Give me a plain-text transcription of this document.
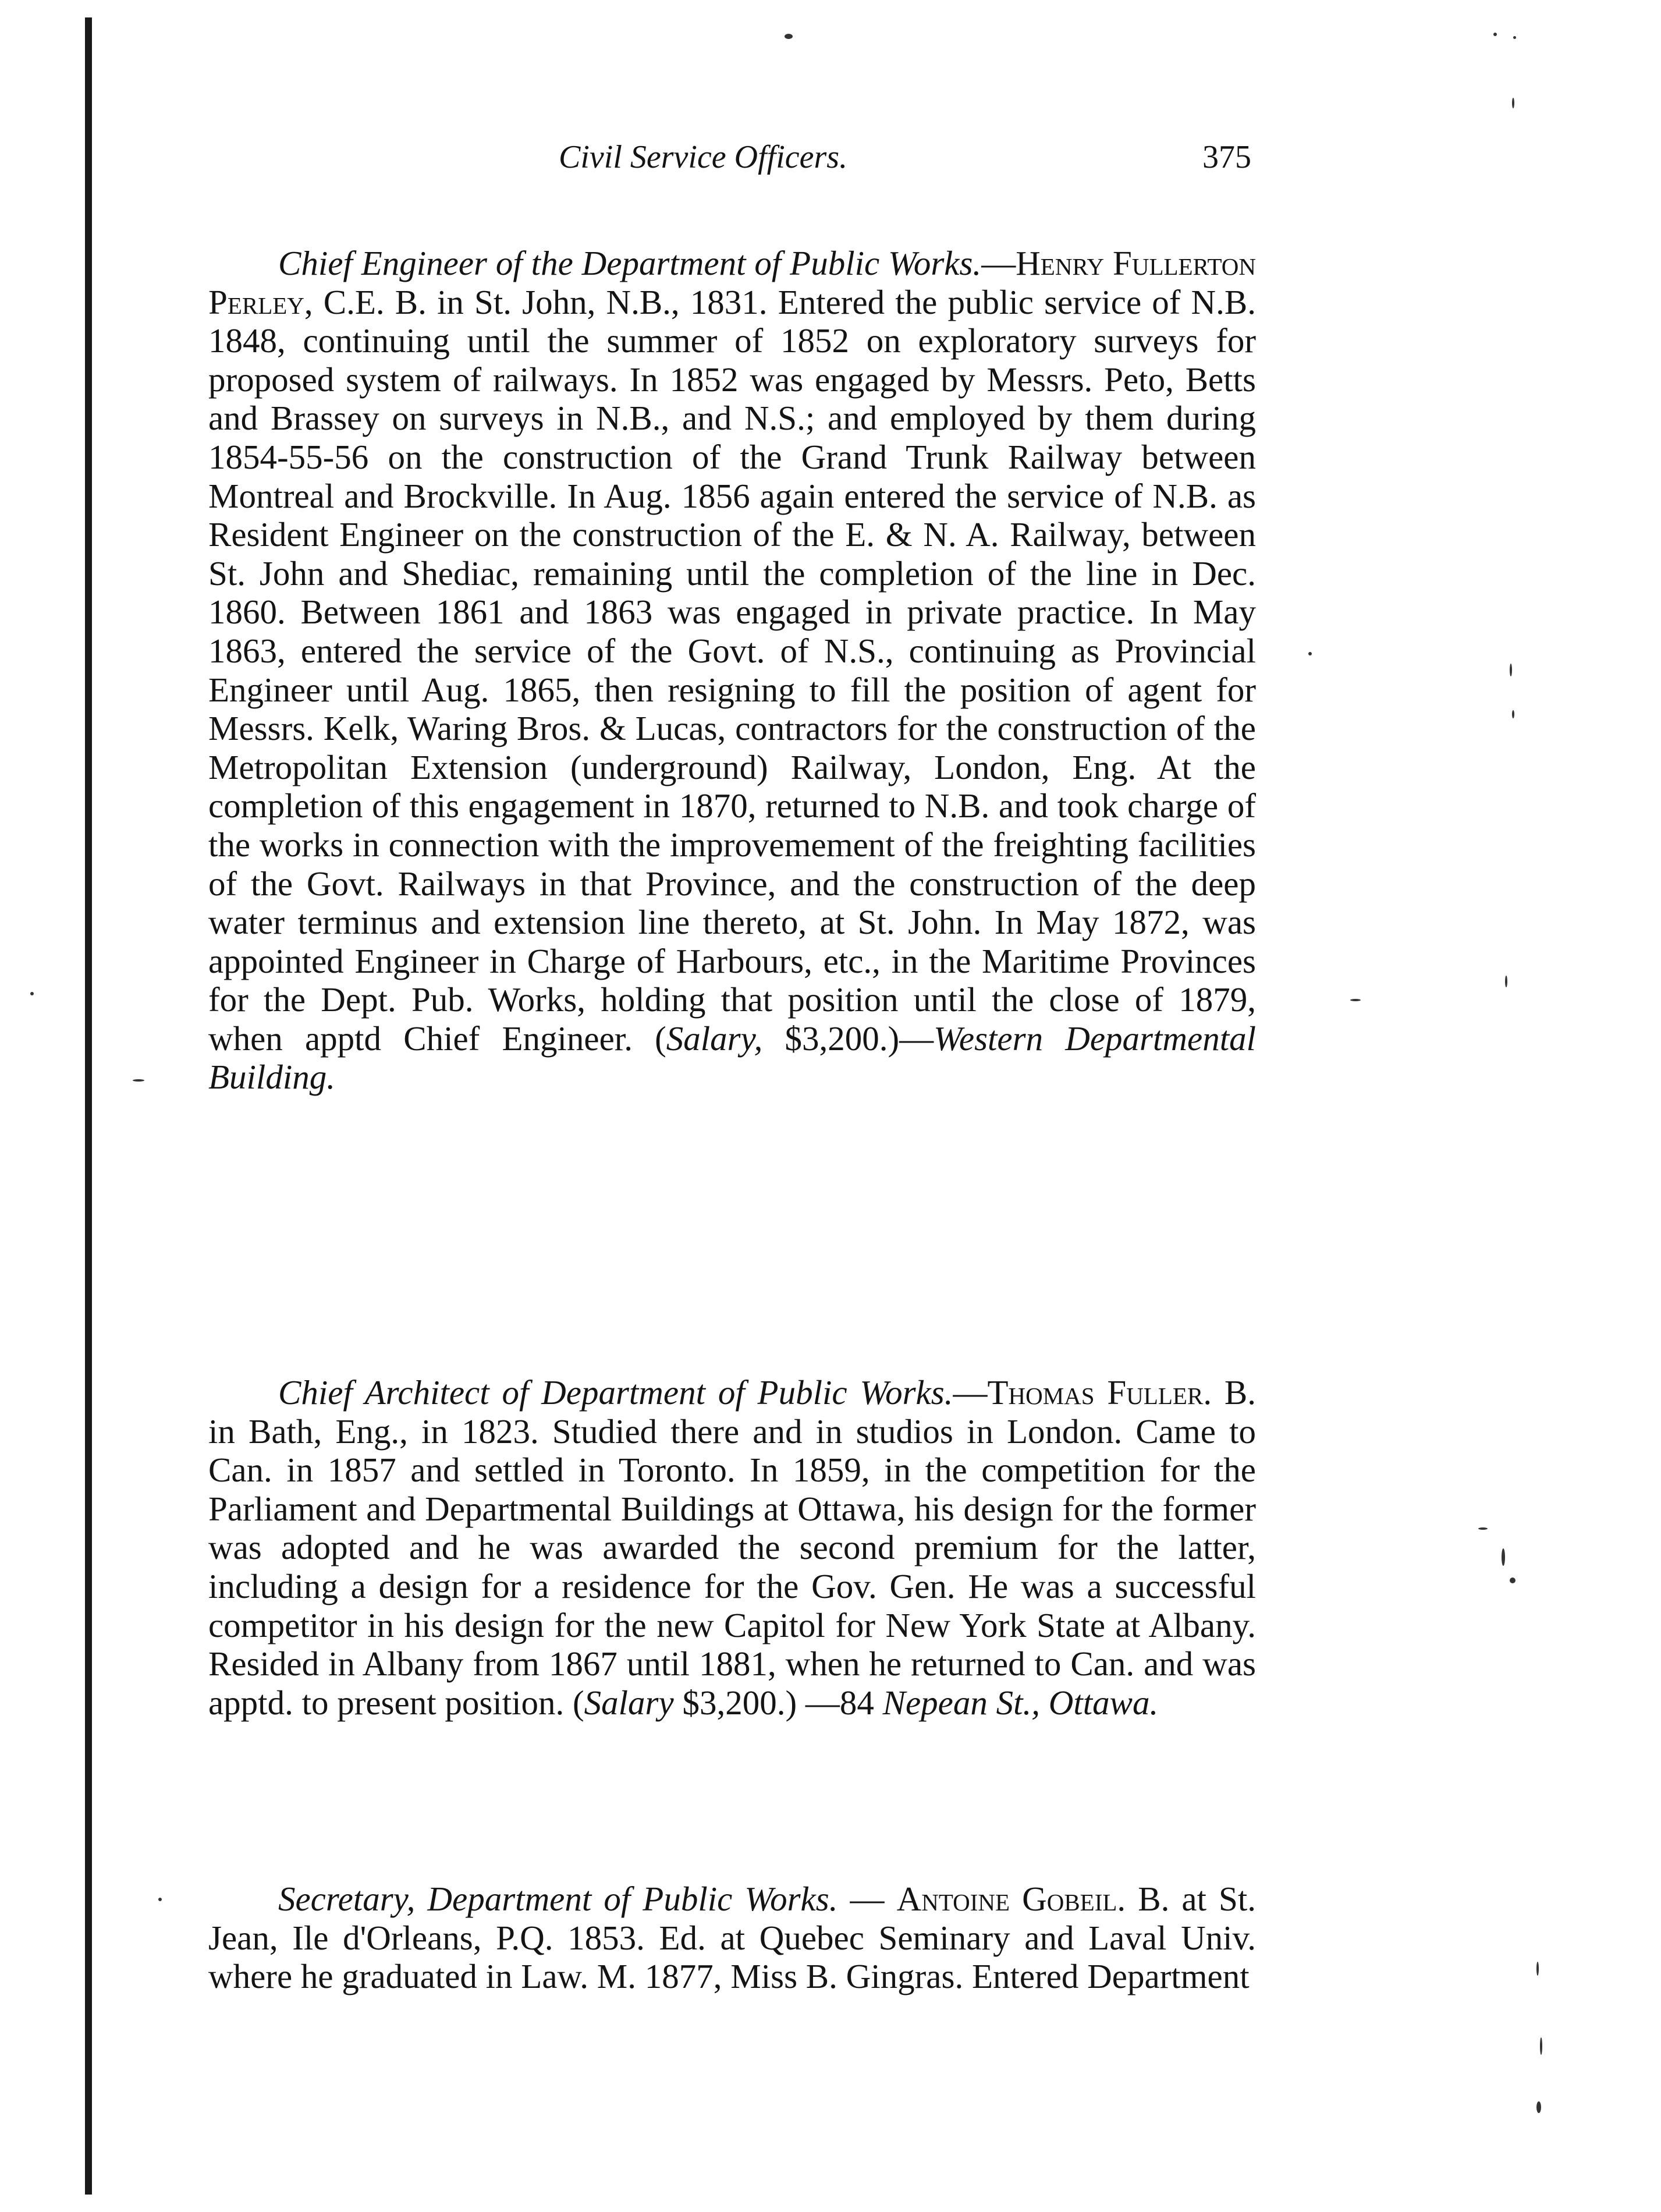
Civil Service Officers.	375

Chief Engineer of the Department of Public Works.—Henry Fullerton Perley, C.E. B. in St. John, N.B., 1831. Entered the public service of N.B. 1848, continuing until the summer of 1852 on exploratory surveys for proposed system of railways. In 1852 was engaged by Messrs. Peto, Betts and Brassey on surveys in N.B., and N.S.; and employed by them during 1854-55-56 on the construction of the Grand Trunk Railway between Montreal and Brockville. In Aug. 1856 again entered the service of N.B. as Resident Engineer on the construction of the E. & N. A. Railway, between St. John and Shediac, remaining until the completion of the line in Dec. 1860. Between 1861 and 1863 was engaged in private practice. In May 1863, entered the service of the Govt. of N.S., continuing as Provincial Engineer until Aug. 1865, then resigning to fill the position of agent for Messrs. Kelk, Waring Bros. & Lucas, contractors for the construction of the Metropolitan Extension (underground) Railway, London, Eng. At the completion of this engagement in 1870, returned to N.B. and took charge of the works in connection with the improvemement of the freighting facilities of the Govt. Railways in that Province, and the construction of the deep water terminus and extension line thereto, at St. John. In May 1872, was appointed Engineer in Charge of Harbours, etc., in the Maritime Provinces for the Dept. Pub. Works, holding that position until the close of 1879, when apptd Chief Engineer. (Salary, $3,200.)—Western Departmental Building.

Chief Architect of Department of Public Works.—Thomas Fuller. B. in Bath, Eng., in 1823. Studied there and in studios in London. Came to Can. in 1857 and settled in Toronto. In 1859, in the competition for the Parliament and Departmental Buildings at Ottawa, his design for the former was adopted and he was awarded the second premium for the latter, including a design for a residence for the Gov. Gen. He was a successful competitor in his design for the new Capitol for New York State at Albany. Resided in Albany from 1867 until 1881, when he returned to Can. and was apptd. to present position. (Salary $3,200.) —84 Nepean St., Ottawa.

Secretary, Department of Public Works. — Antoine Gobeil. B. at St. Jean, Ile d'Orleans, P.Q. 1853. Ed. at Quebec Seminary and Laval Univ. where he graduated in Law. M. 1877, Miss B. Gingras. Entered Department
